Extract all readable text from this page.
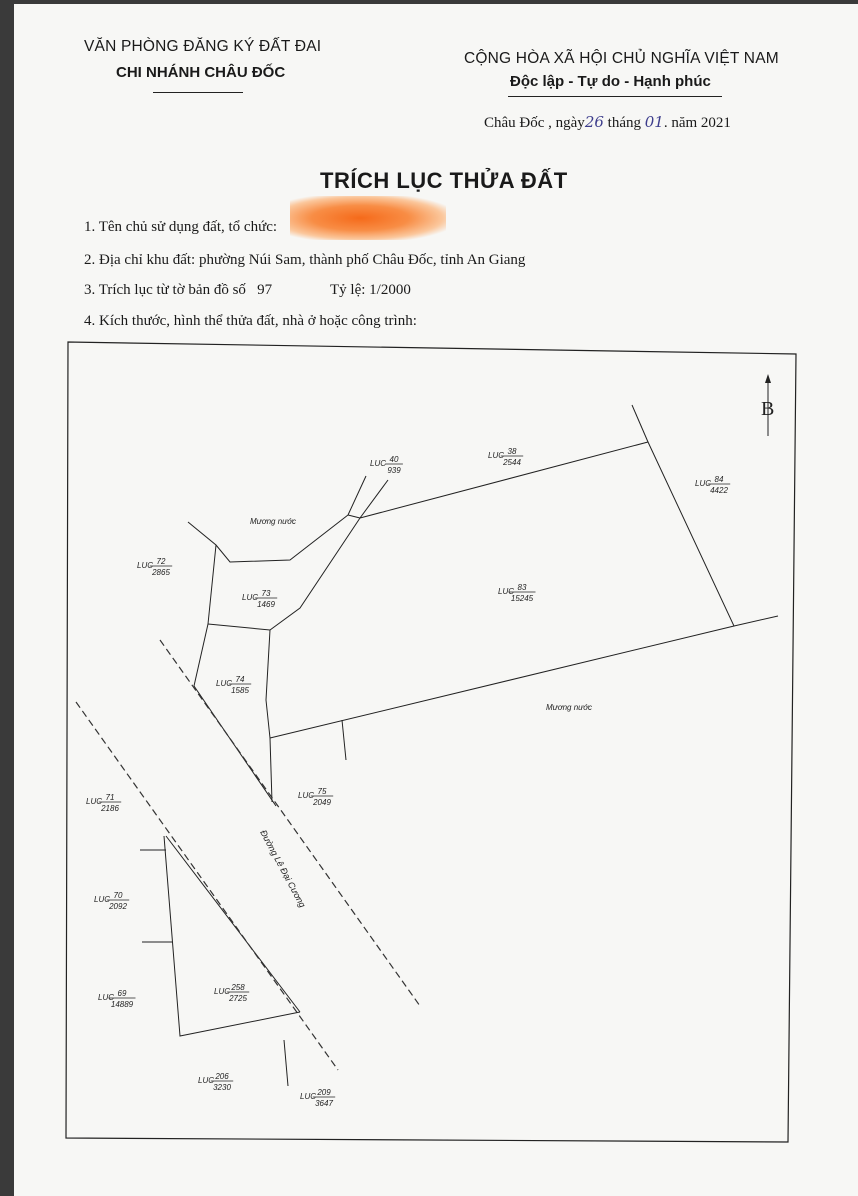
VĂN PHÒNG ĐĂNG KÝ ĐẤT ĐAI
CHI NHÁNH CHÂU ĐỐC
CỘNG HÒA XÃ HỘI CHỦ NGHĨA VIỆT NAM
Độc lập - Tự do - Hạnh phúc
Châu Đốc , ngày26 tháng 01. năm 2021
TRÍCH LỤC THỬA ĐẤT
1. Tên chủ sử dụng đất, tổ chức:
2. Địa chỉ khu đất: phường Núi Sam, thành phố Châu Đốc, tỉnh An Giang
3. Trích lục từ tờ bản đồ số 97	Tỷ lệ: 1/2000
4. Kích thước, hình thể thửa đất, nhà ở hoặc công trình:
B
Mương nước
Mương nước
Đường Lê Đại Cương
LUC 40
939
LUC 38
2544
LUC 84
4422
LUC 72
2865
LUC 73
1469
LUC 83
15245
LUC 74
1585
LUC 75
2049
LUC 71
2186
LUC 70
2092
LUC 69
14889
LUC 258
2725
LUC 206
3230
LUC 209
3647
